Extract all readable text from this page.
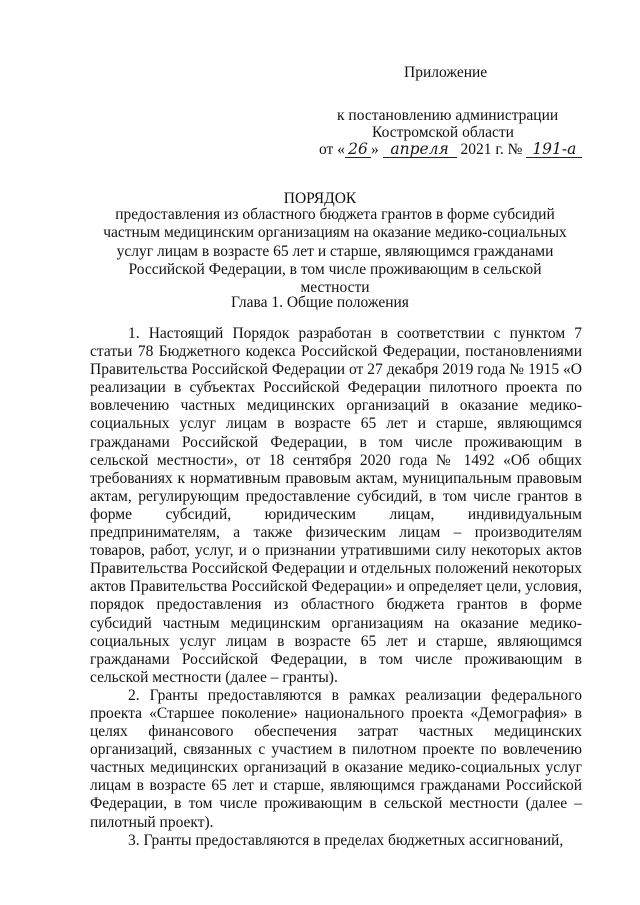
Приложение
к постановлению администрации
Костромской области
от « 26 » апреля 2021 г. № 191-а
ПОРЯДОК
предоставления из областного бюджета грантов в форме субсидий частным медицинским организациям на оказание медико-социальных услуг лицам в возрасте 65 лет и старше, являющимся гражданами Российской Федерации, в том числе проживающим в сельской местности
Глава 1. Общие положения

1. Настоящий Порядок разработан в соответствии с пунктом 7 статьи 78 Бюджетного кодекса Российской Федерации, постановлениями Правительства Российской Федерации от 27 декабря 2019 года № 1915 «О реализации в субъектах Российской Федерации пилотного проекта по вовлечению частных медицинских организаций в оказание медико-социальных услуг лицам в возрасте 65 лет и старше, являющимся гражданами Российской Федерации, в том числе проживающим в сельской местности», от 18 сентября 2020 года № 1492 «Об общих требованиях к нормативным правовым актам, муниципальным правовым актам, регулирующим предоставление субсидий, в том числе грантов в форме субсидий, юридическим лицам, индивидуальным предпринимателям, а также физическим лицам – производителям товаров, работ, услуг, и о признании утратившими силу некоторых актов Правительства Российской Федерации и отдельных положений некоторых актов Правительства Российской Федерации» и определяет цели, условия, порядок предоставления из областного бюджета грантов в форме субсидий частным медицинским организациям на оказание медико-социальных услуг лицам в возрасте 65 лет и старше, являющимся гражданами Российской Федерации, в том числе проживающим в сельской местности (далее – гранты).

2. Гранты предоставляются в рамках реализации федерального проекта «Старшее поколение» национального проекта «Демография» в целях финансового обеспечения затрат частных медицинских организаций, связанных с участием в пилотном проекте по вовлечению частных медицинских организаций в оказание медико-социальных услуг лицам в возрасте 65 лет и старше, являющимся гражданами Российской Федерации, в том числе проживающим в сельской местности (далее – пилотный проект).

3. Гранты предоставляются в пределах бюджетных ассигнований,
